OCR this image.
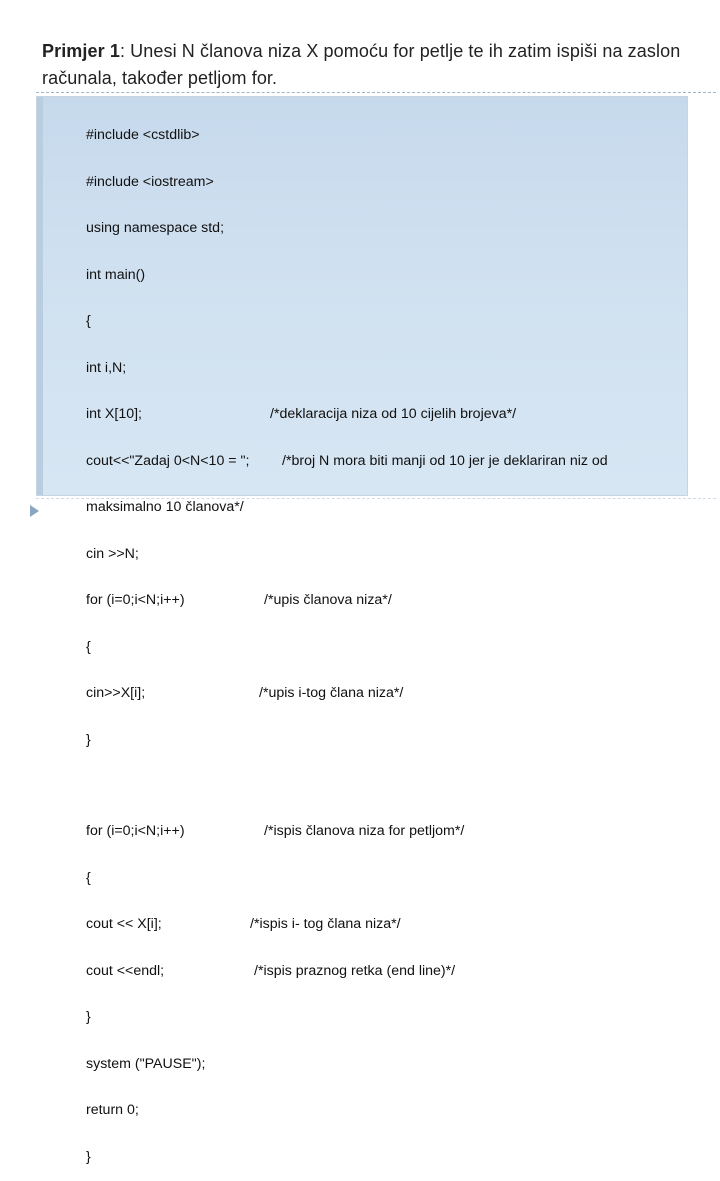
Primjer 1: Unesi N članova niza X pomoću for petlje te ih zatim ispiši na zaslon računala, također petljom for.

#include <cstdlib>

#include <iostream>

using namespace std;

int main()

{

int i,N;

int X[10];	/*deklaracija niza od 10 cijelih brojeva*/

cout<<"Zadaj 0<N<10 = "; /*broj N mora biti manji od 10 jer je deklariran niz od

maksimalno 10 članova*/

cin >>N;

for (i=0;i<N;i++)	/*upis članova niza*/

{

cin>>X[i];	/*upis i-tog člana niza*/

}

for (i=0;i<N;i++)	/*ispis članova niza for petljom*/

{

cout << X[i];	/*ispis i- tog člana niza*/

cout <<endl;	/*ispis praznog retka (end line)*/

}

system ("PAUSE");

return 0;

}
